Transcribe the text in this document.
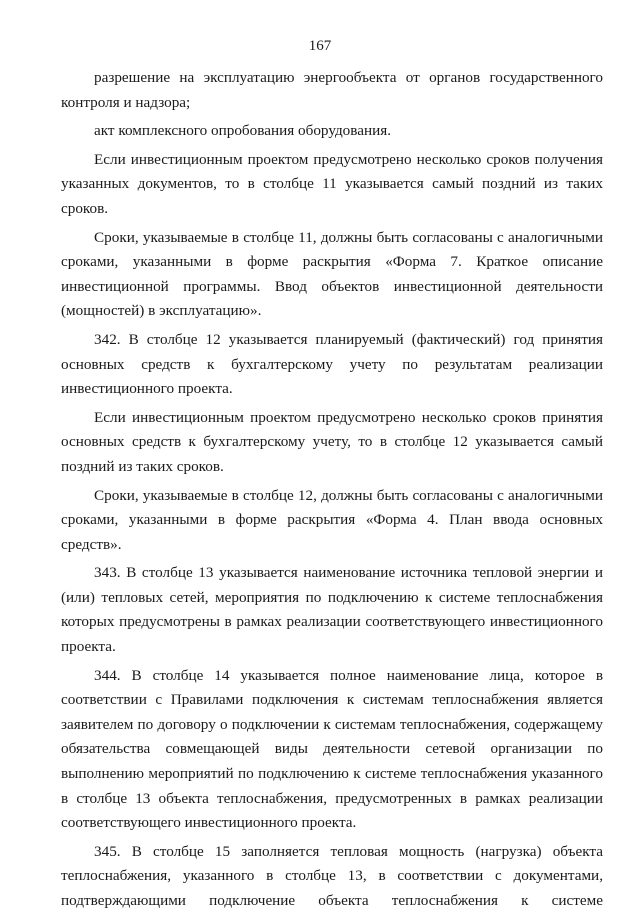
167

разрешение на эксплуатацию энергообъекта от органов государственного контроля и надзора;

акт комплексного опробования оборудования.

Если инвестиционным проектом предусмотрено несколько сроков получения указанных документов, то в столбце 11 указывается самый поздний из таких сроков.

Сроки, указываемые в столбце 11, должны быть согласованы с аналогичными сроками, указанными в форме раскрытия «Форма 7. Краткое описание инвестиционной программы. Ввод объектов инвестиционной деятельности (мощностей) в эксплуатацию».

342. В столбце 12 указывается планируемый (фактический) год принятия основных средств к бухгалтерскому учету по результатам реализации инвестиционного проекта.

Если инвестиционным проектом предусмотрено несколько сроков принятия основных средств к бухгалтерскому учету, то в столбце 12 указывается самый поздний из таких сроков.

Сроки, указываемые в столбце 12, должны быть согласованы с аналогичными сроками, указанными в форме раскрытия «Форма 4. План ввода основных средств».

343. В столбце 13 указывается наименование источника тепловой энергии и (или) тепловых сетей, мероприятия по подключению к системе теплоснабжения которых предусмотрены в рамках реализации соответствующего инвестиционного проекта.

344. В столбце 14 указывается полное наименование лица, которое в соответствии с Правилами подключения к системам теплоснабжения является заявителем по договору о подключении к системам теплоснабжения, содержащему обязательства совмещающей виды деятельности сетевой организации по выполнению мероприятий по подключению к системе теплоснабжения указанного в столбце 13 объекта теплоснабжения, предусмотренных в рамках реализации соответствующего инвестиционного проекта.

345. В столбце 15 заполняется тепловая мощность (нагрузка) объекта теплоснабжения, указанного в столбце 13, в соответствии с документами, подтверждающими подключение объекта теплоснабжения к системе
